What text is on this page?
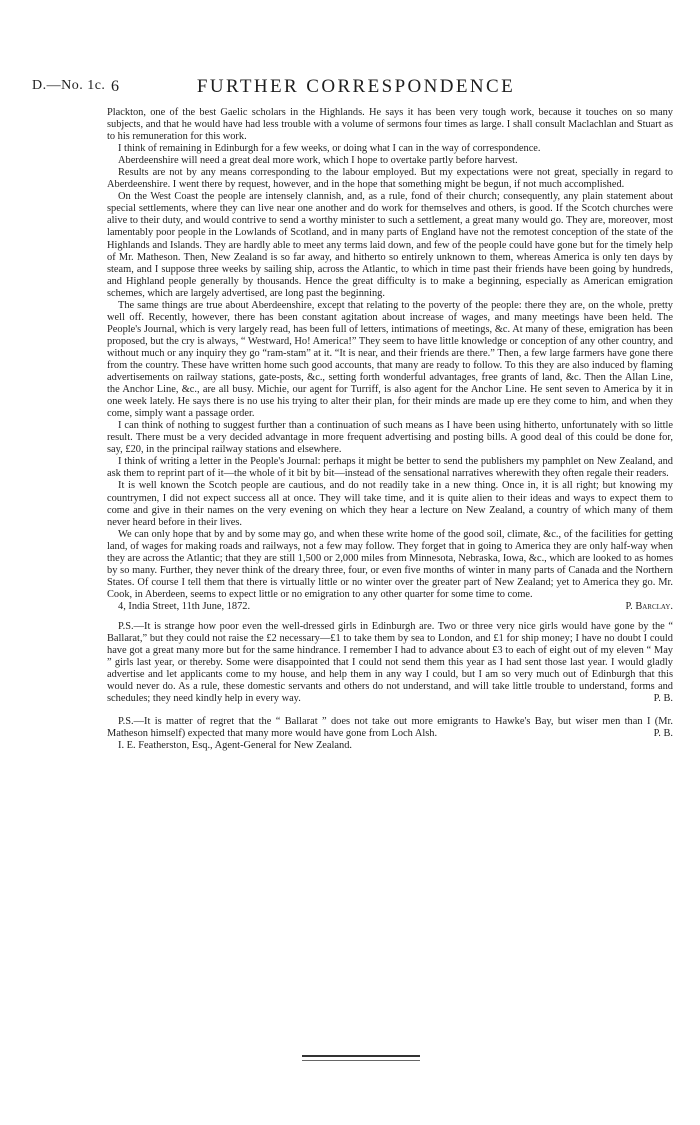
D.—No. 1c. 6	FURTHER CORRESPONDENCE

Plackton, one of the best Gaelic scholars in the Highlands. He says it has been very tough work, because it touches on so many subjects, and that he would have had less trouble with a volume of sermons four times as large. I shall consult Maclachlan and Stuart as to his remuneration for this work.

I think of remaining in Edinburgh for a few weeks, or doing what I can in the way of correspondence.

Aberdeenshire will need a great deal more work, which I hope to overtake partly before harvest.

Results are not by any means corresponding to the labour employed. But my expectations were not great, specially in regard to Aberdeenshire. I went there by request, however, and in the hope that something might be begun, if not much accomplished.

On the West Coast the people are intensely clannish, and, as a rule, fond of their church; consequently, any plain statement about special settlements, where they can live near one another and do work for themselves and others, is good. If the Scotch churches were alive to their duty, and would contrive to send a worthy minister to such a settlement, a great many would go. They are, moreover, most lamentably poor people in the Lowlands of Scotland, and in many parts of England have not the remotest conception of the state of the Highlands and Islands. They are hardly able to meet any terms laid down, and few of the people could have gone but for the timely help of Mr. Matheson. Then, New Zealand is so far away, and hitherto so entirely unknown to them, whereas America is only ten days by steam, and I suppose three weeks by sailing ship, across the Atlantic, to which in time past their friends have been going by hundreds, and Highland people generally by thousands. Hence the great difficulty is to make a beginning, especially as American emigration schemes, which are largely advertised, are long past the beginning.

The same things are true about Aberdeenshire, except that relating to the poverty of the people: there they are, on the whole, pretty well off. Recently, however, there has been constant agitation about increase of wages, and many meetings have been held. The People's Journal, which is very largely read, has been full of letters, intimations of meetings, &c. At many of these, emigration has been proposed, but the cry is always, “ Westward, Ho! America!” They seem to have little knowledge or conception of any other country, and without much or any inquiry they go “ram-stam” at it. “It is near, and their friends are there.” Then, a few large farmers have gone there from the country. These have written home such good accounts, that many are ready to follow. To this they are also induced by flaming advertisements on railway stations, gate-posts, &c., setting forth wonderful advantages, free grants of land, &c. Then the Allan Line, the Anchor Line, &c., are all busy. Michie, our agent for Turriff, is also agent for the Anchor Line. He sent seven to America by it in one week lately. He says there is no use his trying to alter their plan, for their minds are made up ere they come to him, and when they come, simply want a passage order.

I can think of nothing to suggest further than a continuation of such means as I have been using hitherto, unfortunately with so little result. There must be a very decided advantage in more frequent advertising and posting bills. A good deal of this could be done for, say, £20, in the principal railway stations and elsewhere.

I think of writing a letter in the People's Journal: perhaps it might be better to send the publishers my pamphlet on New Zealand, and ask them to reprint part of it—the whole of it bit by bit—instead of the sensational narratives wherewith they often regale their readers.

It is well known the Scotch people are cautious, and do not readily take in a new thing. Once in, it is all right; but knowing my countrymen, I did not expect success all at once. They will take time, and it is quite alien to their ideas and ways to expect them to come and give in their names on the very evening on which they hear a lecture on New Zealand, a country of which many of them never heard before in their lives.

We can only hope that by and by some may go, and when these write home of the good soil, climate, &c., of the facilities for getting land, of wages for making roads and railways, not a few may follow. They forget that in going to America they are only half-way when they are across the Atlantic; that they are still 1,500 or 2,000 miles from Minnesota, Nebraska, Iowa, &c., which are looked to as homes by so many. Further, they never think of the dreary three, four, or even five months of winter in many parts of Canada and the Northern States. Of course I tell them that there is virtually little or no winter over the greater part of New Zealand; yet to America they go. Mr. Cook, in Aberdeen, seems to expect little or no emigration to any other quarter for some time to come.

4, India Street, 11th June, 1872.	P. Barclay.

P.S.—It is strange how poor even the well-dressed girls in Edinburgh are. Two or three very nice girls would have gone by the “ Ballarat,” but they could not raise the £2 necessary—£1 to take them by sea to London, and £1 for ship money; I have no doubt I could have got a great many more but for the same hindrance. I remember I had to advance about £3 to each of eight out of my eleven “ May ” girls last year, or thereby. Some were disappointed that I could not send them this year as I had sent those last year. I would gladly advertise and let applicants come to my house, and help them in any way I could, but I am so very much out of Edinburgh that this would never do. As a rule, these domestic servants and others do not understand, and will take little trouble to understand, forms and schedules; they need kindly help in every way.	P. B.

P.S.—It is matter of regret that the “ Ballarat ” does not take out more emigrants to Hawke's Bay, but wiser men than I (Mr. Matheson himself) expected that many more would have gone from Loch Alsh.	P. B.

I. E. Featherston, Esq., Agent-General for New Zealand.
